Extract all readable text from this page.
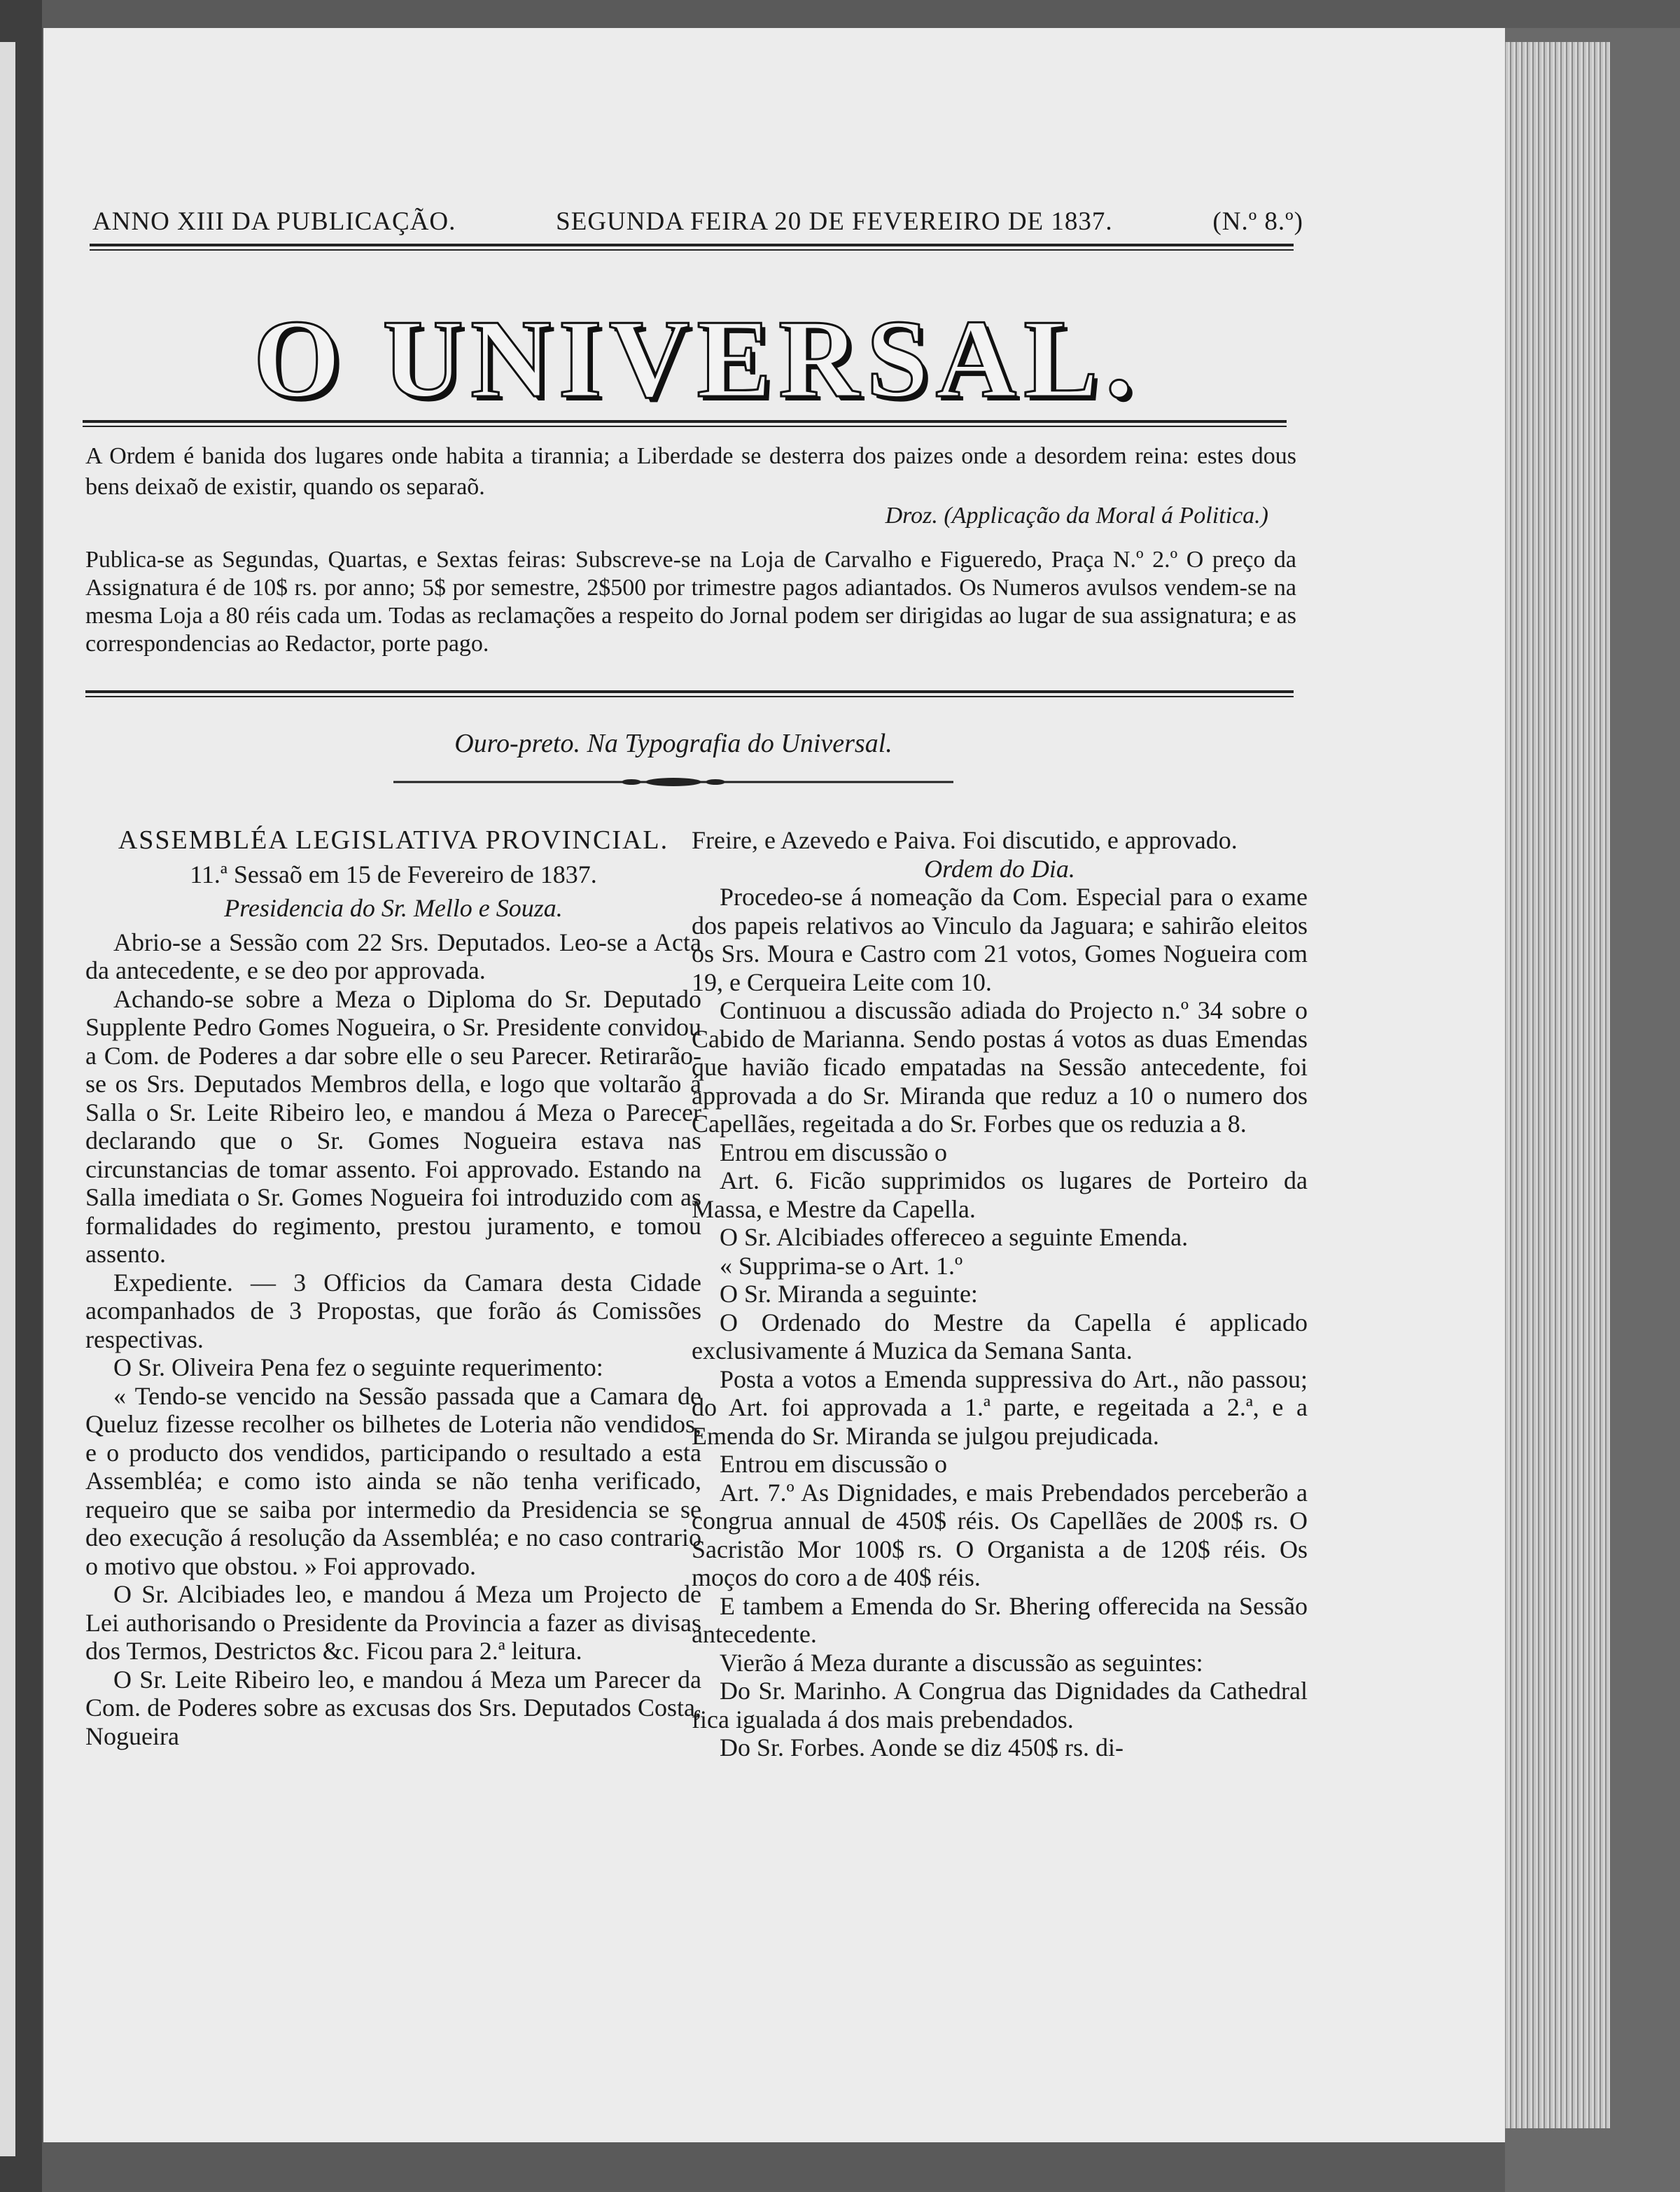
ANNO XIII DA PUBLICAÇÃO.	SEGUNDA FEIRA 20 DE FEVEREIRO DE 1837.	(N.º 8.º)
O UNIVERSAL.
A Ordem é banida dos lugares onde habita a tirannia; a Liberdade se desterra dos paizes onde a desordem reina: estes dous bens deixaõ de existir, quando os separaõ.
Droz. (Applicação da Moral á Politica.)
Publica-se as Segundas, Quartas, e Sextas feiras: Subscreve-se na Loja de Carvalho e Figueredo, Praça N.º 2.º O preço da Assignatura é de 10$ rs. por anno; 5$ por semestre, 2$500 por trimestre pagos adiantados. Os Numeros avulsos vendem-se na mesma Loja a 80 réis cada um. Todas as reclamações a respeito do Jornal podem ser dirigidas ao lugar de sua assignatura; e as correspondencias ao Redactor, porte pago.
Ouro-preto. Na Typografia do Universal.

ASSEMBLÉA LEGISLATIVA PROVINCIAL.

11.ª Sessaõ em 15 de Fevereiro de 1837.

Presidencia do Sr. Mello e Souza.

Abrio-se a Sessão com 22 Srs. Deputados. Leo-se a Acta da antecedente, e se deo por approvada.

Achando-se sobre a Meza o Diploma do Sr. Deputado Supplente Pedro Gomes Nogueira, o Sr. Presidente convidou a Com. de Poderes a dar sobre elle o seu Parecer. Retirarão-se os Srs. Deputados Membros della, e logo que voltarão á Salla o Sr. Leite Ribeiro leo, e mandou á Meza o Parecer declarando que o Sr. Gomes Nogueira estava nas circunstancias de tomar assento. Foi approvado. Estando na Salla imediata o Sr. Gomes Nogueira foi introduzido com as formalidades do regimento, prestou juramento, e tomou assento.

Expediente. — 3 Officios da Camara desta Cidade acompanhados de 3 Propostas, que forão ás Comissões respectivas.

O Sr. Oliveira Pena fez o seguinte requerimento:

« Tendo-se vencido na Sessão passada que a Camara de Queluz fizesse recolher os bilhetes de Loteria não vendidos, e o producto dos vendidos, participando o resultado a esta Assembléa; e como isto ainda se não tenha verificado, requeiro que se saiba por intermedio da Presidencia se se deo execução á resolução da Assembléa; e no caso contrario o motivo que obstou. » Foi approvado.

O Sr. Alcibiades leo, e mandou á Meza um Projecto de Lei authorisando o Presidente da Provincia a fazer as divisas dos Termos, Destrictos &c. Ficou para 2.ª leitura.

O Sr. Leite Ribeiro leo, e mandou á Meza um Parecer da Com. de Poderes sobre as excusas dos Srs. Deputados Costa, Nogueira

Freire, e Azevedo e Paiva. Foi discutido, e approvado.

Ordem do Dia.

Procedeo-se á nomeação da Com. Especial para o exame dos papeis relativos ao Vinculo da Jaguara; e sahirão eleitos os Srs. Moura e Castro com 21 votos, Gomes Nogueira com 19, e Cerqueira Leite com 10.

Continuou a discussão adiada do Projecto n.º 34 sobre o Cabido de Marianna. Sendo postas á votos as duas Emendas que havião ficado empatadas na Sessão antecedente, foi approvada a do Sr. Miranda que reduz a 10 o numero dos Capellães, regeitada a do Sr. Forbes que os reduzia a 8.

Entrou em discussão o

Art. 6. Ficão supprimidos os lugares de Porteiro da Massa, e Mestre da Capella.

O Sr. Alcibiades offereceo a seguinte Emenda.

« Supprima-se o Art. 1.º

O Sr. Miranda a seguinte:

O Ordenado do Mestre da Capella é applicado exclusivamente á Muzica da Semana Santa.

Posta a votos a Emenda suppressiva do Art., não passou; do Art. foi approvada a 1.ª parte, e regeitada a 2.ª, e a Emenda do Sr. Miranda se julgou prejudicada.

Entrou em discussão o

Art. 7.º As Dignidades, e mais Prebendados perceberão a congrua annual de 450$ réis. Os Capellães de 200$ rs. O Sacristão Mor 100$ rs. O Organista a de 120$ réis. Os moços do coro a de 40$ réis.

E tambem a Emenda do Sr. Bhering offerecida na Sessão antecedente.

Vierão á Meza durante a discussão as seguintes:

Do Sr. Marinho. A Congrua das Dignidades da Cathedral fica igualada á dos mais prebendados.

Do Sr. Forbes. Aonde se diz 450$ rs. di-
